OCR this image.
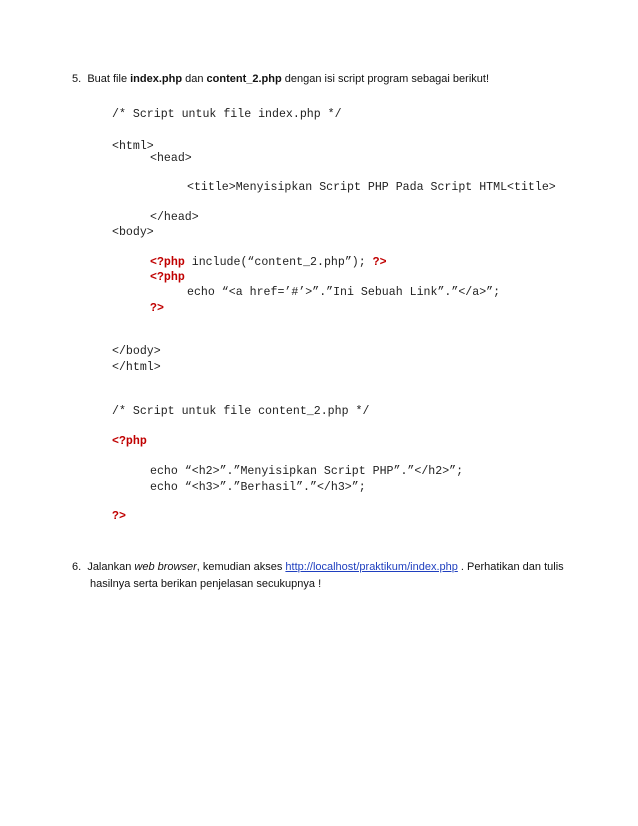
5. Buat file index.php dan content_2.php dengan isi script program sebagai berikut!
/* Script untuk file index.php */
<html>
<head>
<title>Menyisipkan Script PHP Pada Script HTML<title>
</head>
<body>
<?php include(“content_2.php”); ?>
<?php
echo “<a href=’#’>”.”Ini Sebuah Link”.”</a>”;
?>
</body>
</html>
/* Script untuk file content_2.php */
<?php
echo “<h2>”.”Menyisipkan Script PHP”.”</h2>”;
echo “<h3>”.”Berhasil”.”</h3>”;
?>
6. Jalankan web browser, kemudian akses http://localhost/praktikum/index.php . Perhatikan dan tulis
hasilnya serta berikan penjelasan secukupnya !
